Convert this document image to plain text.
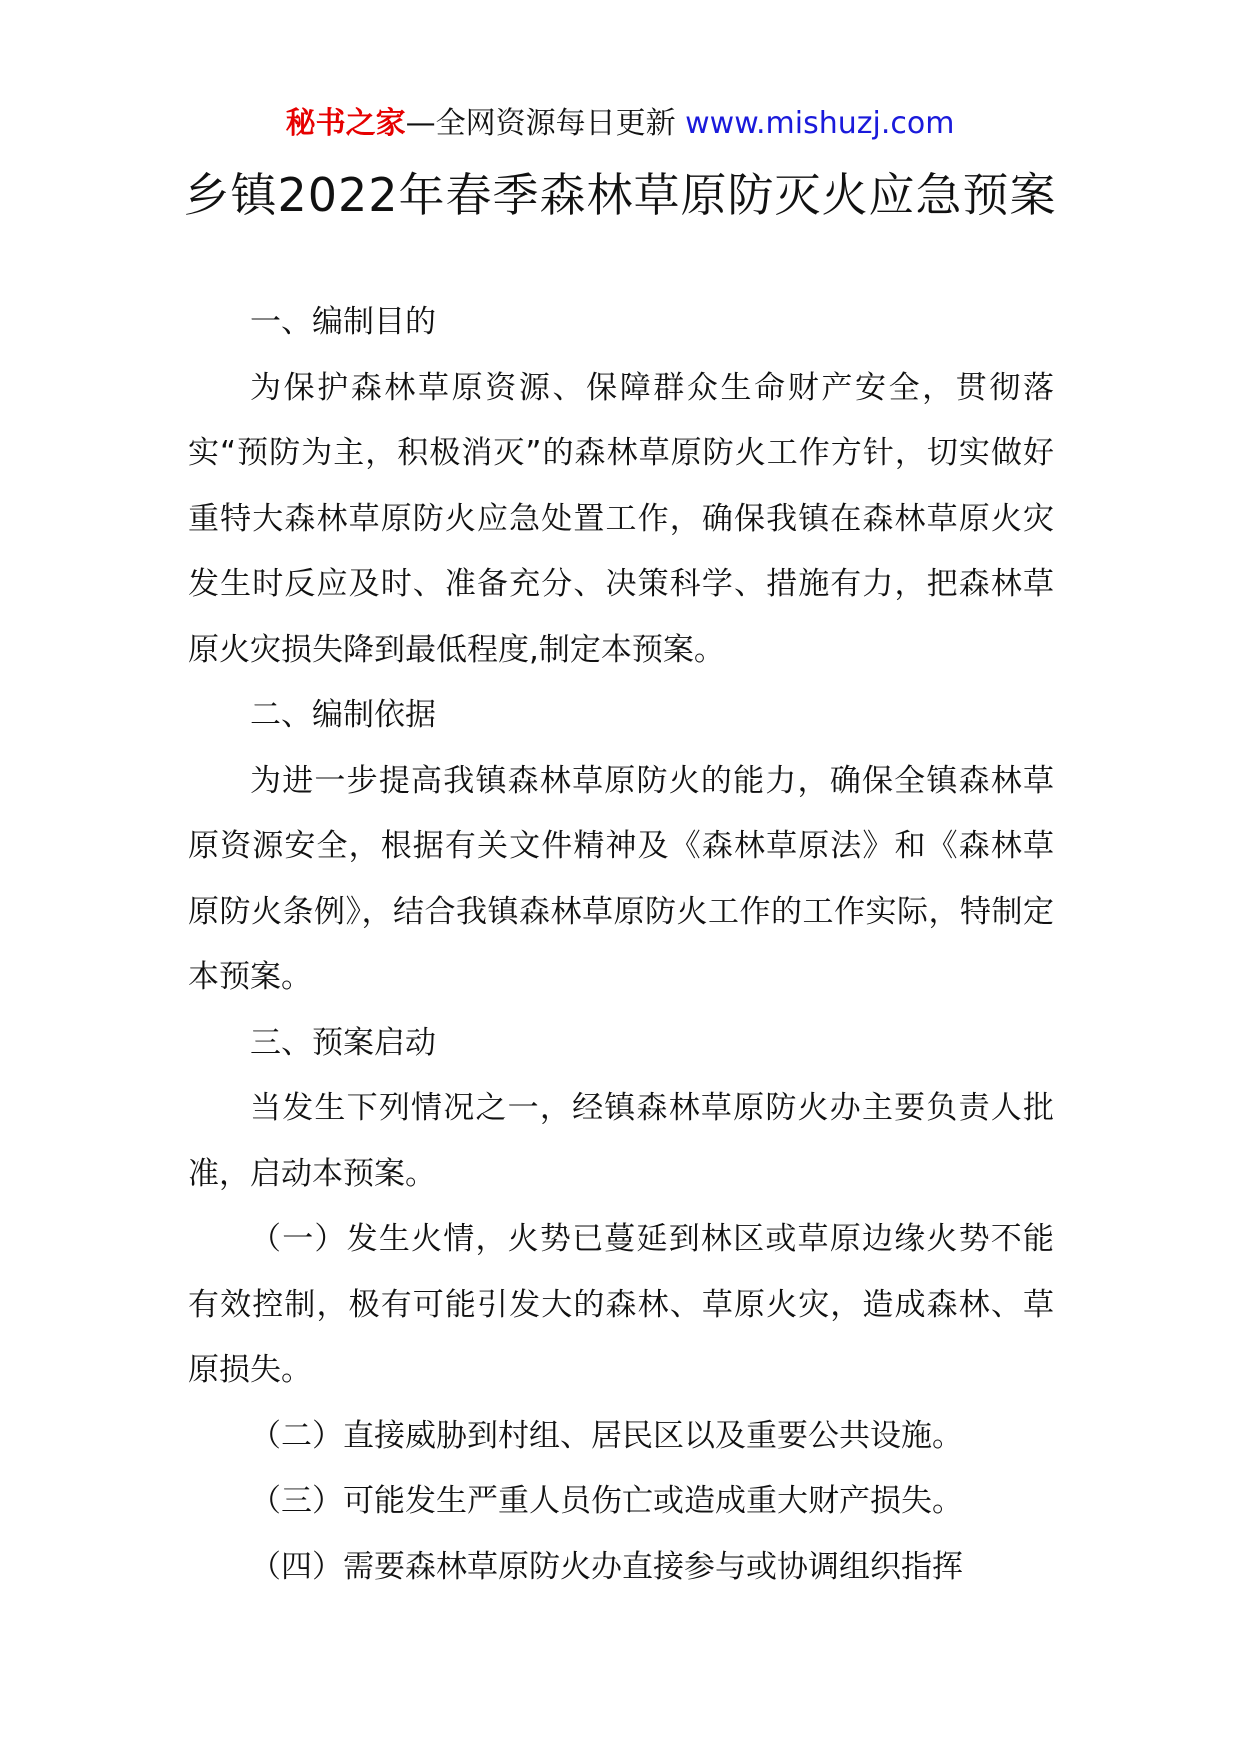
秘书之家—全网资源每日更新 www.mishuzj.com
乡镇2022年春季森林草原防灭火应急预案

一、编制目的

为保护森林草原资源、保障群众生命财产安全，贯彻落实“预防为主，积极消灭”的森林草原防火工作方针，切实做好重特大森林草原防火应急处置工作，确保我镇在森林草原火灾发生时反应及时、准备充分、决策科学、措施有力，把森林草原火灾损失降到最低程度,制定本预案。

二、编制依据

为进一步提高我镇森林草原防火的能力，确保全镇森林草原资源安全，根据有关文件精神及《森林草原法》和《森林草原防火条例》，结合我镇森林草原防火工作的工作实际，特制定本预案。

三、预案启动

当发生下列情况之一，经镇森林草原防火办主要负责人批准，启动本预案。

（一）发生火情，火势已蔓延到林区或草原边缘火势不能有效控制，极有可能引发大的森林、草原火灾，造成森林、草原损失。

（二）直接威胁到村组、居民区以及重要公共设施。

（三）可能发生严重人员伤亡或造成重大财产损失。

（四）需要森林草原防火办直接参与或协调组织指挥
